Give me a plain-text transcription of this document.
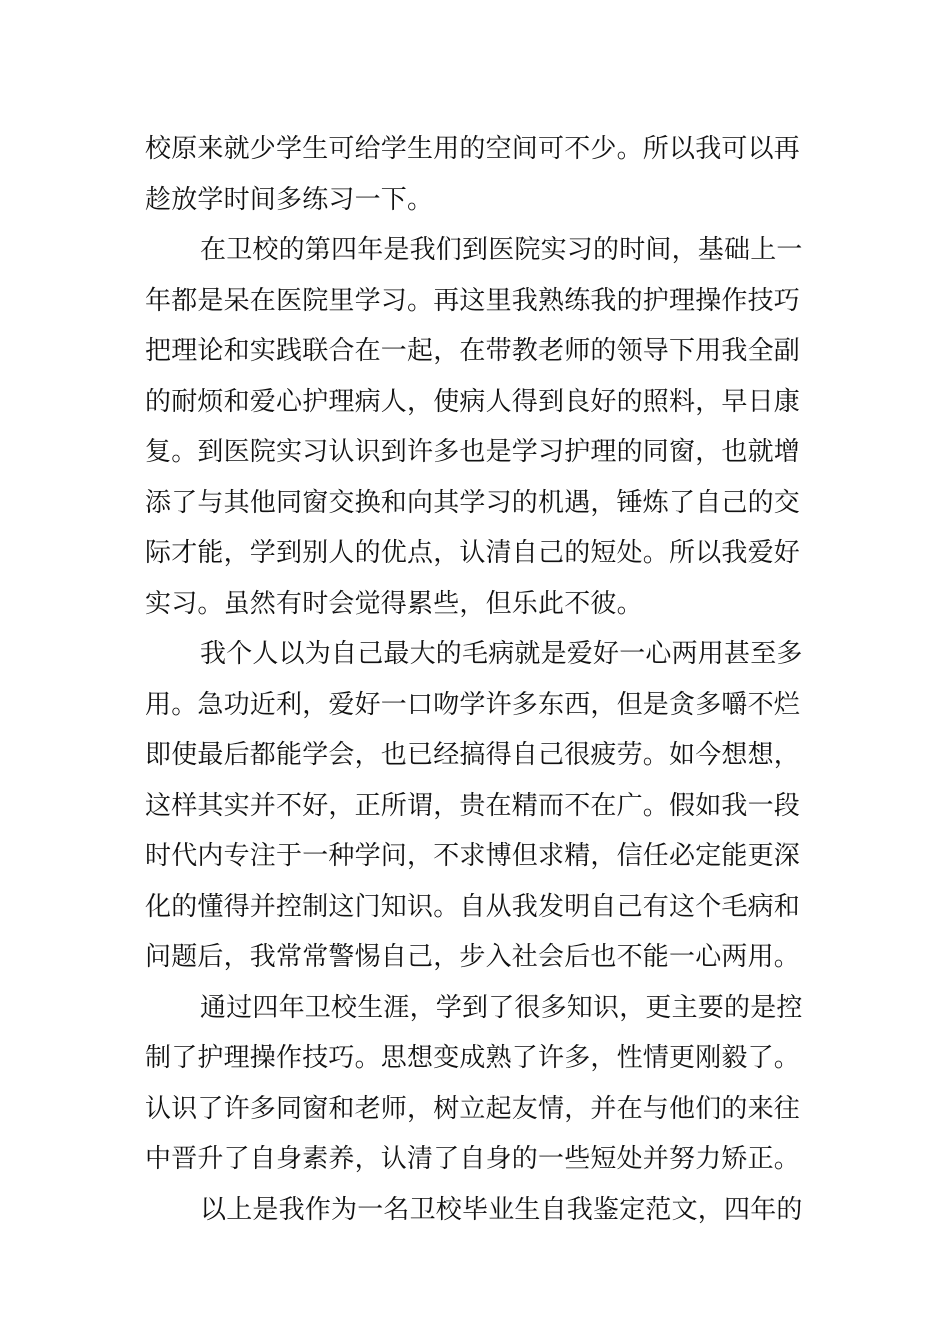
校原来就少学生可给学生用的空间可不少。所以我可以再
趁放学时间多练习一下。
在卫校的第四年是我们到医院实习的时间，基础上一
年都是呆在医院里学习。再这里我熟练我的护理操作技巧
把理论和实践联合在一起，在带教老师的领导下用我全副
的耐烦和爱心护理病人，使病人得到良好的照料，早日康
复。到医院实习认识到许多也是学习护理的同窗，也就增
添了与其他同窗交换和向其学习的机遇，锤炼了自己的交
际才能，学到别人的优点，认清自己的短处。所以我爱好
实习。虽然有时会觉得累些，但乐此不彼。
我个人以为自己最大的毛病就是爱好一心两用甚至多
用。急功近利，爱好一口吻学许多东西，但是贪多嚼不烂
即使最后都能学会，也已经搞得自己很疲劳。如今想想，
这样其实并不好，正所谓，贵在精而不在广。假如我一段
时代内专注于一种学问，不求博但求精，信任必定能更深
化的懂得并控制这门知识。自从我发明自己有这个毛病和
问题后，我常常警惕自己，步入社会后也不能一心两用。
通过四年卫校生涯，学到了很多知识，更主要的是控
制了护理操作技巧。思想变成熟了许多，性情更刚毅了。
认识了许多同窗和老师，树立起友情，并在与他们的来往
中晋升了自身素养，认清了自身的一些短处并努力矫正。
以上是我作为一名卫校毕业生自我鉴定范文，四年的
